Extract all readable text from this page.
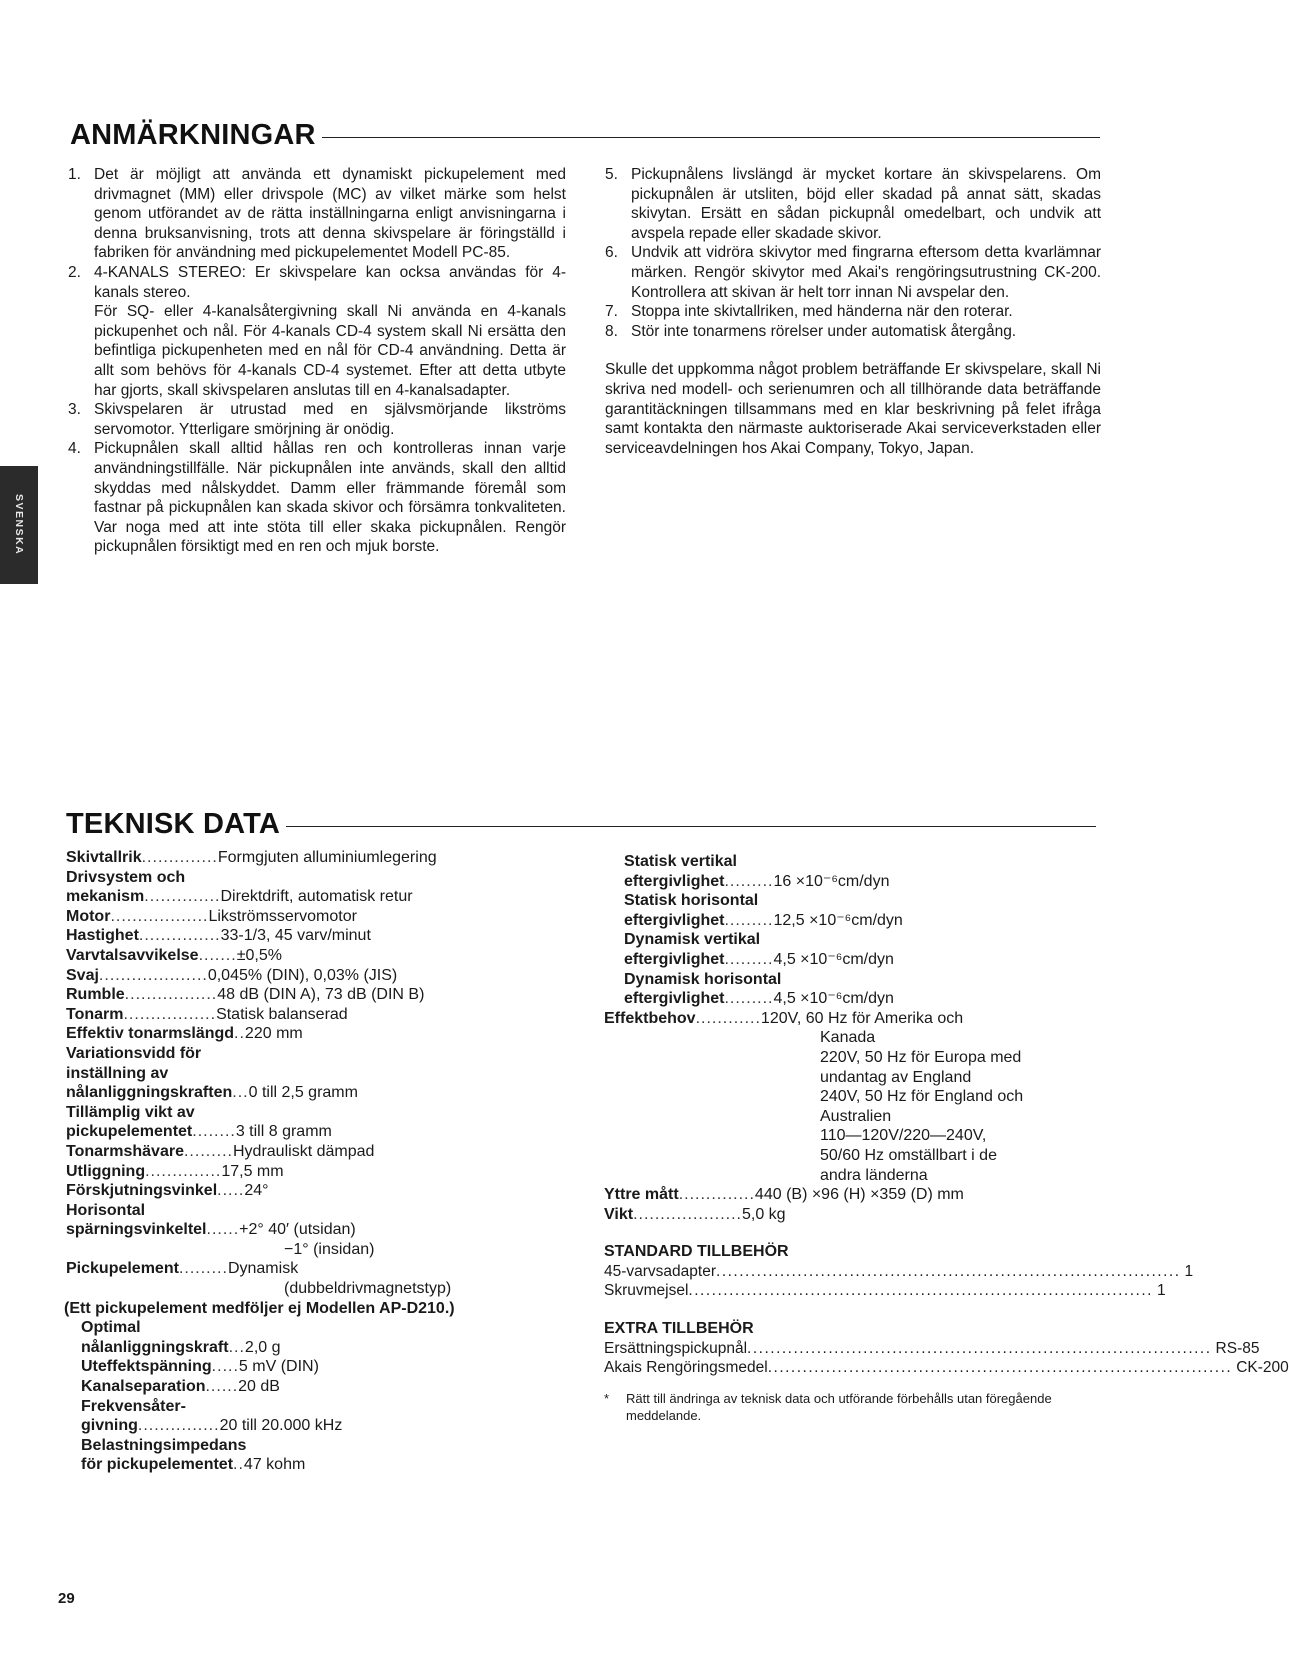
SVENSKA
ANMÄRKNINGAR
1. Det är möjligt att använda ett dynamiskt pickupelement med drivmagnet (MM) eller drivspole (MC) av vilket märke som helst genom utförandet av de rätta inställningarna enligt anvisningarna i denna bruksanvisning, trots att denna skivspelare är föringställd i fabriken för användning med pickupelementet Modell PC-85.

2. 4-KANALS STEREO: Er skivspelare kan ocksa användas för 4-kanals stereo.

För SQ- eller 4-kanalsåtergivning skall Ni använda en 4-kanals pickupenhet och nål. För 4-kanals CD-4 system skall Ni ersätta den befintliga pickupenheten med en nål för CD-4 användning. Detta är allt som behövs för 4-kanals CD-4 systemet. Efter att detta utbyte har gjorts, skall skivspelaren anslutas till en 4-kanalsadapter.

3. Skivspelaren är utrustad med en självsmörjande likströms servomotor. Ytterligare smörjning är onödig.

4. Pickupnålen skall alltid hållas ren och kontrolleras innan varje användningstillfälle. När pickupnålen inte används, skall den alltid skyddas med nålskyddet. Damm eller främmande föremål som fastnar på pickupnålen kan skada skivor och försämra tonkvaliteten. Var noga med att inte stöta till eller skaka pickupnålen. Rengör pickupnålen försiktigt med en ren och mjuk borste.

5. Pickupnålens livslängd är mycket kortare än skivspelarens. Om pickupnålen är utsliten, böjd eller skadad på annat sätt, skadas skivytan. Ersätt en sådan pickupnål omedelbart, och undvik att avspela repade eller skadade skivor.

6. Undvik att vidröra skivytor med fingrarna eftersom detta kvarlämnar märken. Rengör skivytor med Akai's rengöringsutrustning CK-200. Kontrollera att skivan är helt torr innan Ni avspelar den.

7. Stoppa inte skivtallriken, med händerna när den roterar.

8. Stör inte tonarmens rörelser under automatisk återgång.

Skulle det uppkomma något problem beträffande Er skivspelare, skall Ni skriva ned modell- och serienumren och all tillhörande data beträffande garantitäckningen tillsammans med en klar beskrivning på felet ifråga samt kontakta den närmaste auktoriserade Akai serviceverkstaden eller serviceavdelningen hos Akai Company, Tokyo, Japan.

TEKNISK DATA
Skivtallrik .............. Formgjuten alluminiumlegering
Drivsystem och
mekanism .............. Direktdrift, automatisk retur
Motor .................. Likströmsservomotor
Hastighet ............... 33-1/3, 45 varv/minut
Varvtalsavvikelse ....... ±0,5%
Svaj .................... 0,045% (DIN), 0,03% (JIS)
Rumble ................. 48 dB (DIN A), 73 dB (DIN B)
Tonarm ................. Statisk balanserad
Effektiv tonarmslängd .. 220 mm
Variationsvidd för
inställning av
nålanliggningskraften ... 0 till 2,5 gramm
Tillämplig vikt av
pickupelementet ........ 3 till 8 gramm
Tonarmshävare ......... Hydrauliskt dämpad
Utliggning .............. 17,5 mm
Förskjutningsvinkel ..... 24°
Horisontal
spärningsvinkeltel ...... +2° 40′ (utsidan)
−1° (insidan)
Pickupelement ......... Dynamisk
(dubbeldrivmagnetstyp)
(Ett pickupelement medföljer ej Modellen AP-D210.)
Optimal
nålanliggningskraft ... 2,0 g
Uteffektspänning ..... 5 mV (DIN)
Kanalseparation ...... 20 dB
Frekvensåter-
givning ............... 20 till 20.000 kHz
Belastningsimpedans
för pickupelementet .. 47 kohm
Statisk vertikal
eftergivlighet ......... 16 ×10⁻⁶cm/dyn
Statisk horisontal
eftergivlighet ......... 12,5 ×10⁻⁶cm/dyn
Dynamisk vertikal
eftergivlighet ......... 4,5 ×10⁻⁶cm/dyn
Dynamisk horisontal
eftergivlighet ......... 4,5 ×10⁻⁶cm/dyn
Effektbehov ............ 120V, 60 Hz för Amerika och
Kanada
220V, 50 Hz för Europa med
undantag av England
240V, 50 Hz för England och
Australien
110—120V/220—240V,
50/60 Hz omställbart i de
andra länderna
Yttre mått .............. 440 (B) ×96 (H) ×359 (D) mm
Vikt .................... 5,0 kg

STANDARD TILLBEHÖR

45-varvsadapter ................................................................................ 1
Skruvmejsel ................................................................................ 1

EXTRA TILLBEHÖR

Ersättningspickupnål ................................................................................ RS-85
Akais Rengöringsmedel ................................................................................ CK-200
*	Rätt till ändringa av teknisk data och utförande förbehålls utan föregående meddelande.
29
